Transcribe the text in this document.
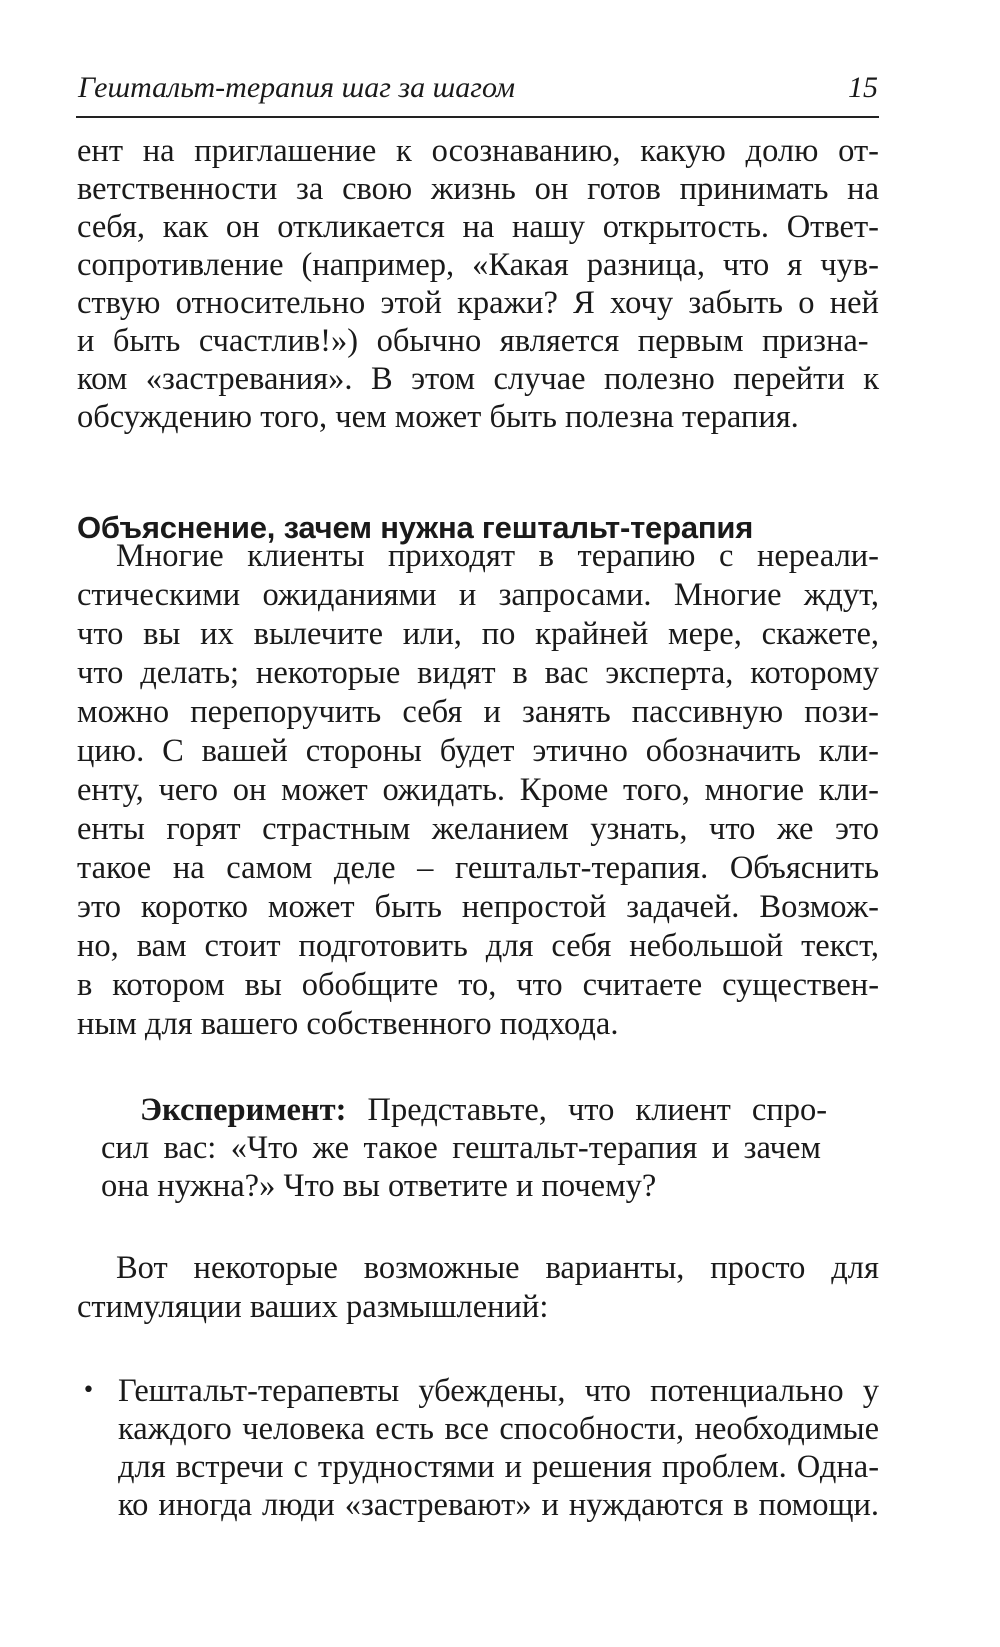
Гештальт-терапия шаг за шагом	15
ент на приглашение к осознаванию, какую долю от-
ветственности за свою жизнь он готов принимать на
себя, как он откликается на нашу открытость. Ответ-
сопротивление (например, «Какая разница, что я чув-
ствую относительно этой кражи? Я хочу забыть о ней
и быть счастлив!») обычно является первым призна-
ком «застревания». В этом случае полезно перейти к
обсуждению того, чем может быть полезна терапия.
Объяснение, зачем нужна гештальт-терапия
Многие клиенты приходят в терапию с нереали-
стическими ожиданиями и запросами. Многие ждут,
что вы их вылечите или, по крайней мере, скажете,
что делать; некоторые видят в вас эксперта, которому
можно перепоручить себя и занять пассивную пози-
цию. С вашей стороны будет этично обозначить кли-
енту, чего он может ожидать. Кроме того, многие кли-
енты горят страстным желанием узнать, что же это
такое на самом деле – гештальт-терапия. Объяснить
это коротко может быть непростой задачей. Возмож-
но, вам стоит подготовить для себя небольшой текст,
в котором вы обобщите то, что считаете существен-
ным для вашего собственного подхода.
Эксперимент: Представьте, что клиент спро-
сил вас: «Что же такое гештальт-терапия и зачем
она нужна?» Что вы ответите и почему?
Вот некоторые возможные варианты, просто для
стимуляции ваших размышлений:
• Гештальт-терапевты убеждены, что потенциально у
каждого человека есть все способности, необходимые
для встречи с трудностями и решения проблем. Одна-
ко иногда люди «застревают» и нуждаются в помощи.
